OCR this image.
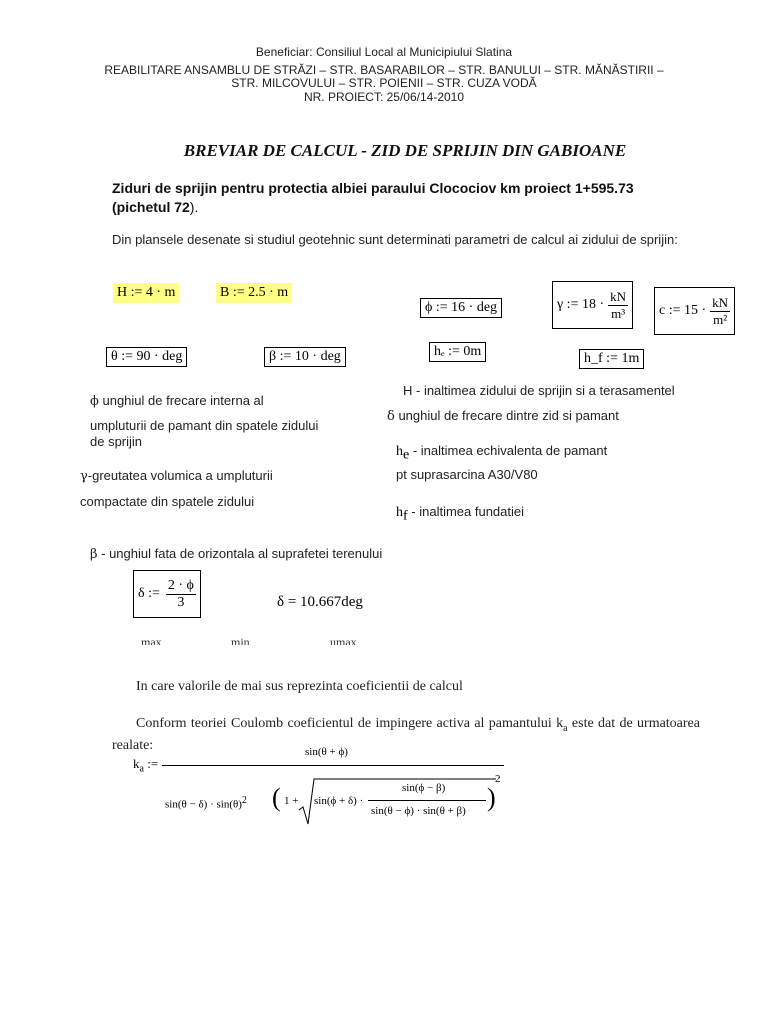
Beneficiar: Consiliul Local al Municipiului Slatina
REABILITARE ANSAMBLU DE STRĂZI – STR. BASARABILOR – STR. BANULUI – STR. MĂNĂSTIRII –
STR. MILCOVULUI – STR. POIENII – STR. CUZA VODĂ
NR. PROIECT: 25/06/14-2010
BREVIAR DE CALCUL - ZID DE SPRIJIN DIN GABIOANE
Ziduri de sprijin pentru protectia albiei paraului Clocociov km proiect 1+595.73
(pichetul 72).
Din plansele desenate si studiul geotehnic sunt determinati parametri de calcul ai zidului de sprijin:
H := 4 · m	B := 2.5 · m
ϕ := 16 · deg	γ := $18 \cdot \frac{kN}{\text{m³}}$ c := $15 \cdot \frac{kN}{\text{m²}}$
θ := 90 · deg	β := 10 · deg	hₑ := 0m	h_f := 1m
ϕ unghiul de frecare interna al
umpluturii de pamant din spatele zidului de sprijin
H - inaltimea zidului de sprijin si a terasamentel
δ unghiul de frecare dintre zid si pamant
$h_e$ - inaltimea echivalenta de pamant
pt suprasarcina A30/V80
γ-greutatea volumica a umpluturii
compactate din spatele zidului
$h_f$ - inaltimea fundatiei
β - unghiul fata de orizontala al suprafetei terenului
δ := $\frac{2 \cdot \phi}{3}$	δ = 10.667deg
max	min	umax
In care valorile de mai sus reprezinta coeficientii de calcul
Conform teoriei Coulomb coeficientul de impingere activa al pamantului $k_a$ este dat de urmatoarea realate:
$k_a$ :=
sin(θ + ϕ)
$\sin(\theta - \delta) \cdot \sin(\theta)^2$ ( 1 + sin(ϕ + δ) ·
sin(ϕ − β)
sin(θ − ϕ) · sin(θ + β) )
2
